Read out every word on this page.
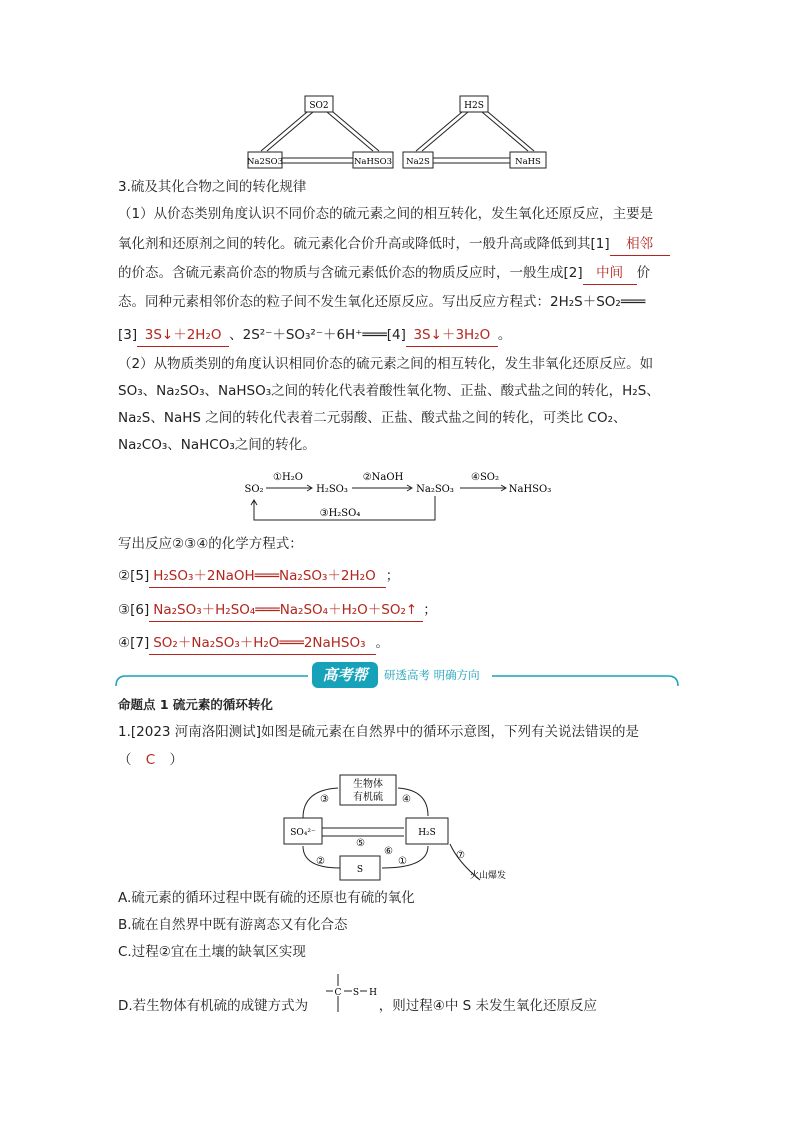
SO2
Na2SO3	NaHSO3
H2S
Na2S	NaHS
3.硫及其化合物之间的转化规律
（1）从价态类别角度认识不同价态的硫元素之间的相互转化，发生氧化还原反应，主要是
氧化剂和还原剂之间的转化。硫元素化合价升高或降低时，一般升高或降低到其[1] 相邻
的价态。含硫元素高价态的物质与含硫元素低价态的物质反应时，一般生成[2] 中间 价
态。同种元素相邻价态的粒子间不发生氧化还原反应。写出反应方程式：2H₂S＋SO₂═══
[3] 3S↓＋2H₂O 、2S²⁻＋SO₃²⁻＋6H⁺═══[4] 3S↓＋3H₂O 。
（2）从物质类别的角度认识相同价态的硫元素之间的相互转化，发生非氧化还原反应。如
SO₃、Na₂SO₃、NaHSO₃之间的转化代表着酸性氧化物、正盐、酸式盐之间的转化，H₂S、
Na₂S、NaHS 之间的转化代表着二元弱酸、正盐、酸式盐之间的转化，可类比 CO₂、
Na₂CO₃、NaHCO₃之间的转化。
SO₂	H₂SO₃	Na₂SO₃	NaHSO₃
①H₂O	②NaOH	④SO₂
③H₂SO₄
写出反应②③④的化学方程式：
②[5] H₂SO₃＋2NaOH═══Na₂SO₃＋2H₂O ；
③[6] Na₂SO₃＋H₂SO₄═══Na₂SO₄＋H₂O＋SO₂↑ ；
④[7] SO₂＋Na₂SO₃＋H₂O═══2NaHSO₃ 。
高考帮	研透高考 明确方向
命题点 1 硫元素的循环转化
1.[2023 河南洛阳测试]如图是硫元素在自然界中的循环示意图，下列有关说法错误的是
（ C ）
生物体
有机硫
SO₄²⁻	H₂S
S
③	④
⑤
⑥
②	①
⑦
火山爆发
A.硫元素的循环过程中既有硫的还原也有硫的氧化
B.硫在自然界中既有游离态又有化合态
C.过程②宜在土壤的缺氧区实现
D.若生物体有机硫的成键方式为	，则过程④中 S 未发生氧化还原反应
C S H
